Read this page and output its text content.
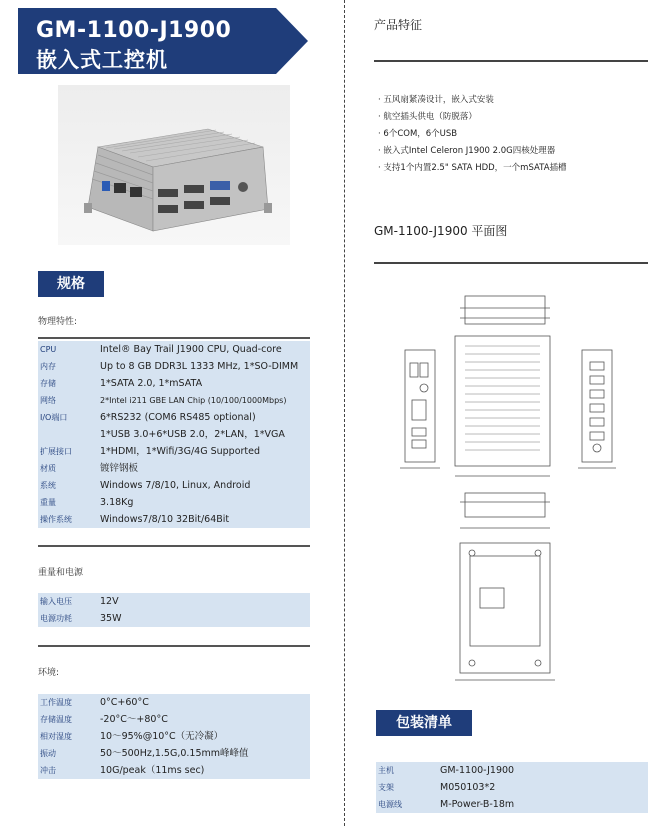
GM-1100-J1900
嵌入式工控机
规格
物理特性:
CPU	Intel® Bay Trail J1900 CPU, Quad-core
内存	Up to 8 GB DDR3L 1333 MHz, 1*SO-DIMM
存储	1*SATA 2.0, 1*mSATA
网络	2*Intel i211 GBE LAN Chip (10/100/1000Mbps)
I/O端口	6*RS232 (COM6 RS485 optional)
1*USB 3.0+6*USB 2.0，2*LAN，1*VGA
扩展接口	1*HDMI，1*Wifi/3G/4G Supported
材质	镀锌钢板
系统	Windows 7/8/10, Linux, Android
重量	3.18Kg
操作系统	Windows7/8/10 32Bit/64Bit
重量和电源
输入电压	12V
电源功耗	35W
环境:
工作温度	0°C+60°C
存储温度	-20°C～+80°C
相对湿度	10～95%@10°C（无冷凝）
振动	50～500Hz,1.5G,0.15mm峰峰值
冲击	10G/peak（11ms sec)
产品特征
· 五风扇紧凑设计，嵌入式安装
· 航空插头供电（防脱落）
· 6个COM，6个USB
· 嵌入式Intel Celeron J1900 2.0G四核处理器
· 支持1个内置2.5" SATA HDD，一个mSATA插槽
GM-1100-J1900 平面图
包装清单
主机	GM-1100-J1900
支架	M050103*2
电源线	M-Power-B-18m
